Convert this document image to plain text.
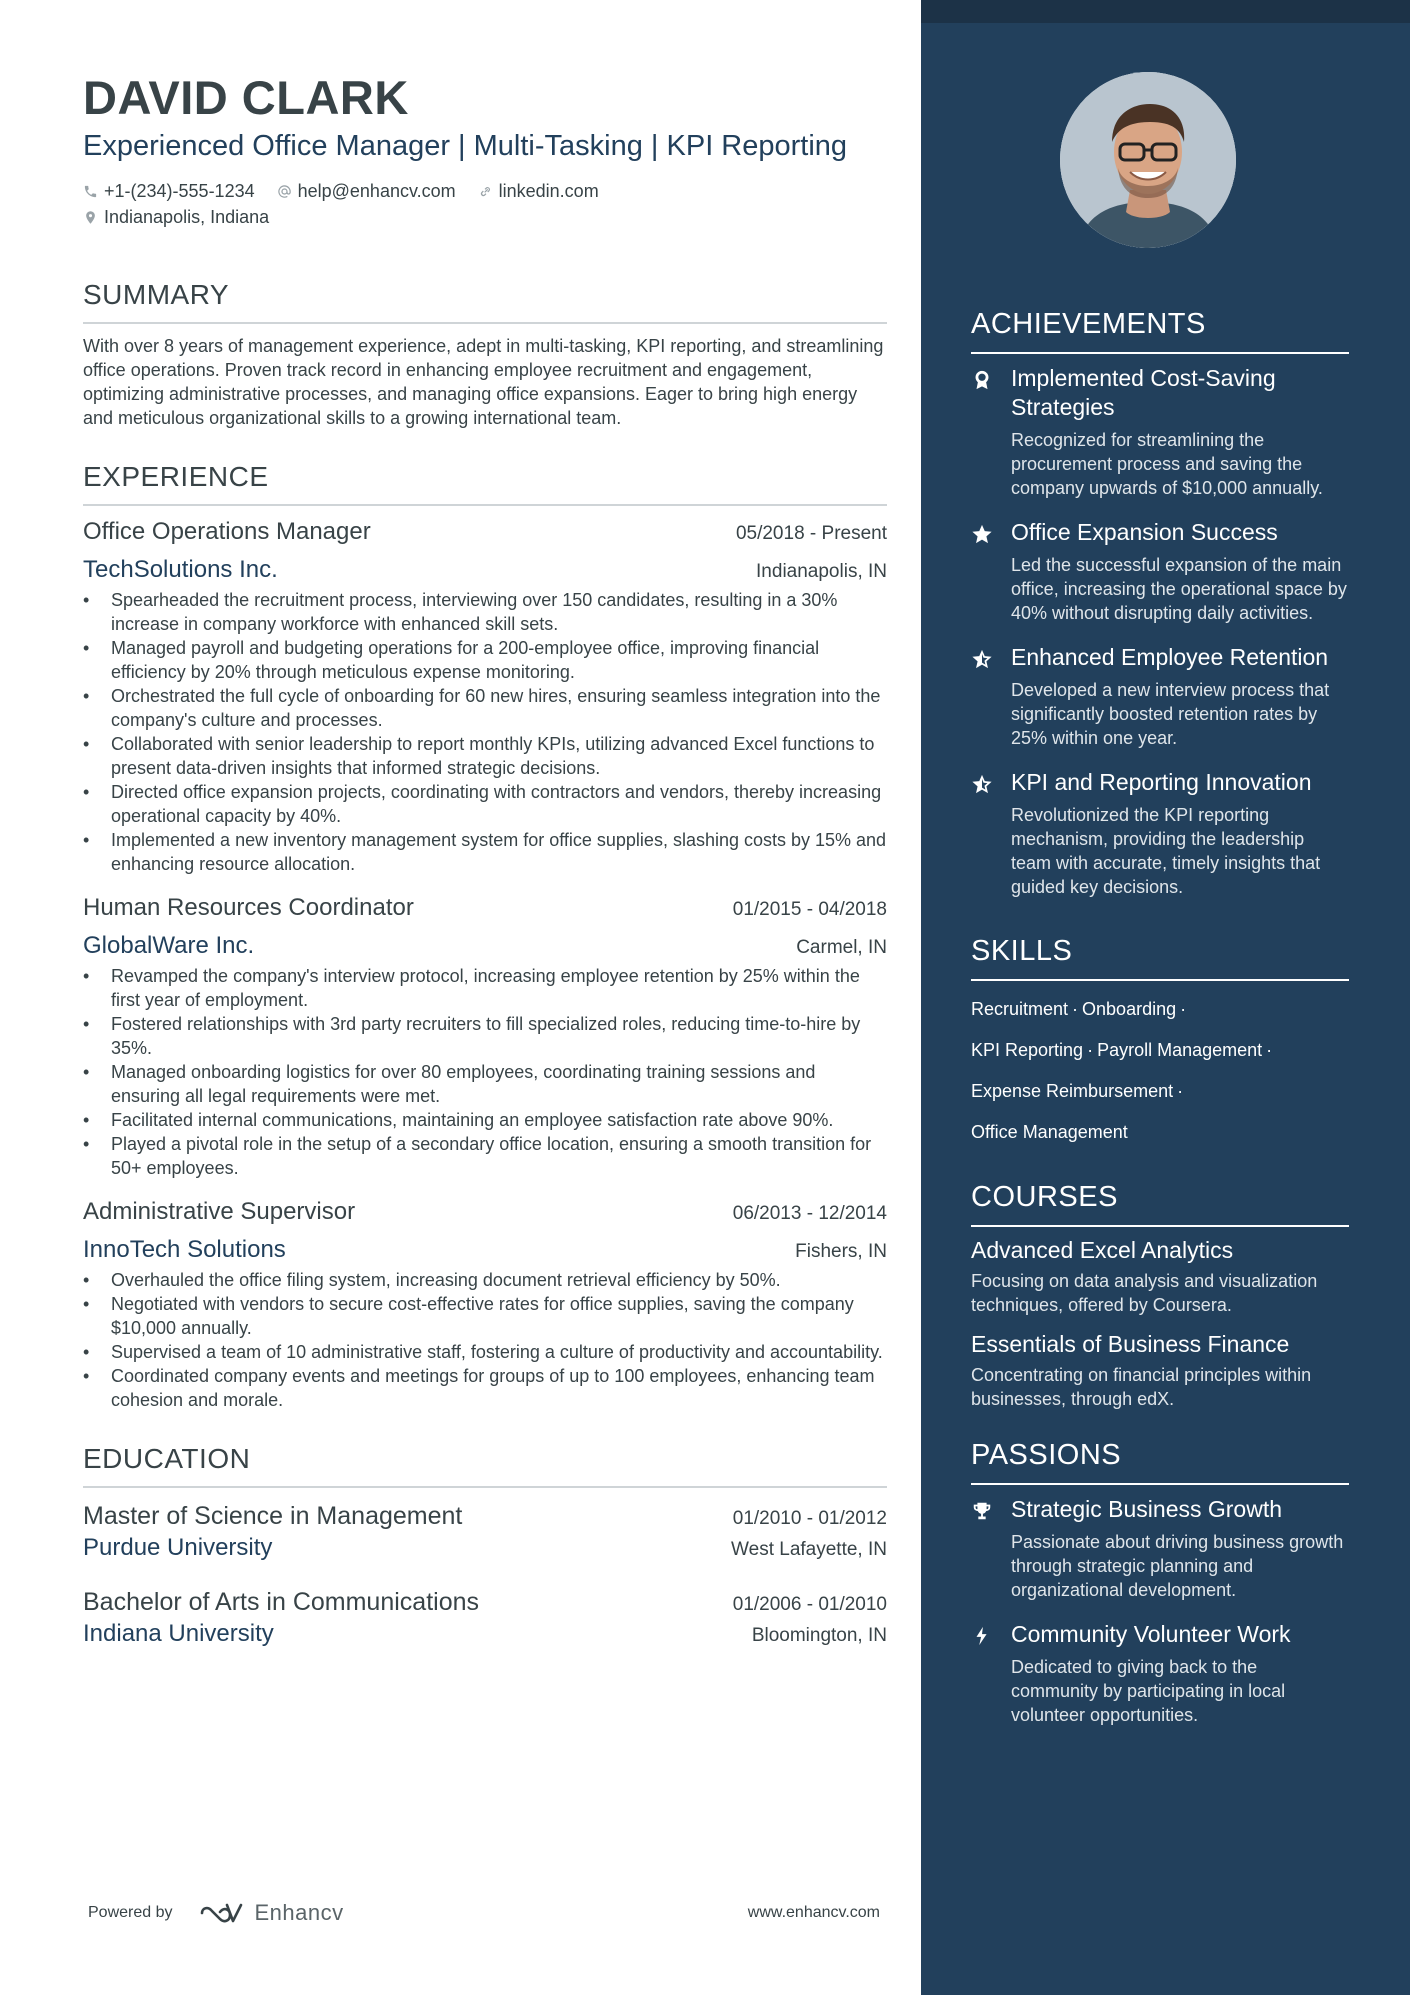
DAVID CLARK
Experienced Office Manager | Multi-Tasking | KPI Reporting
+1-(234)-555-1234 help@enhancv.com linkedin.com
Indianapolis, Indiana
SUMMARY
With over 8 years of management experience, adept in multi-tasking, KPI reporting, and streamlining office operations. Proven track record in enhancing employee recruitment and engagement, optimizing administrative processes, and managing office expansions. Eager to bring high energy and meticulous organizational skills to a growing international team.
EXPERIENCE
Office Operations Manager	05/2018 - Present
TechSolutions Inc.	Indianapolis, IN
• Spearheaded the recruitment process, interviewing over 150 candidates, resulting in a 30% increase in company workforce with enhanced skill sets.
• Managed payroll and budgeting operations for a 200-employee office, improving financial efficiency by 20% through meticulous expense monitoring.
• Orchestrated the full cycle of onboarding for 60 new hires, ensuring seamless integration into the company's culture and processes.
• Collaborated with senior leadership to report monthly KPIs, utilizing advanced Excel functions to present data-driven insights that informed strategic decisions.
• Directed office expansion projects, coordinating with contractors and vendors, thereby increasing operational capacity by 40%.
• Implemented a new inventory management system for office supplies, slashing costs by 15% and enhancing resource allocation.
Human Resources Coordinator	01/2015 - 04/2018
GlobalWare Inc.	Carmel, IN
• Revamped the company's interview protocol, increasing employee retention by 25% within the first year of employment.
• Fostered relationships with 3rd party recruiters to fill specialized roles, reducing time-to-hire by 35%.
• Managed onboarding logistics for over 80 employees, coordinating training sessions and ensuring all legal requirements were met.
• Facilitated internal communications, maintaining an employee satisfaction rate above 90%.
• Played a pivotal role in the setup of a secondary office location, ensuring a smooth transition for 50+ employees.
Administrative Supervisor	06/2013 - 12/2014
InnoTech Solutions	Fishers, IN
• Overhauled the office filing system, increasing document retrieval efficiency by 50%.
• Negotiated with vendors to secure cost-effective rates for office supplies, saving the company $10,000 annually.
• Supervised a team of 10 administrative staff, fostering a culture of productivity and accountability.
• Coordinated company events and meetings for groups of up to 100 employees, enhancing team cohesion and morale.
EDUCATION
Master of Science in Management	01/2010 - 01/2012
Purdue University	West Lafayette, IN
Bachelor of Arts in Communications	01/2006 - 01/2010
Indiana University	Bloomington, IN
Powered by	Enhancv	www.enhancv.com
ACHIEVEMENTS
Implemented Cost-Saving Strategies
Recognized for streamlining the procurement process and saving the company upwards of $10,000 annually.
Office Expansion Success
Led the successful expansion of the main office, increasing the operational space by 40% without disrupting daily activities.
Enhanced Employee Retention
Developed a new interview process that significantly boosted retention rates by 25% within one year.
KPI and Reporting Innovation
Revolutionized the KPI reporting mechanism, providing the leadership team with accurate, timely insights that guided key decisions.
SKILLS
Recruitment · Onboarding ·
KPI Reporting · Payroll Management ·
Expense Reimbursement ·
Office Management
COURSES
Advanced Excel Analytics
Focusing on data analysis and visualization techniques, offered by Coursera.
Essentials of Business Finance
Concentrating on financial principles within businesses, through edX.
PASSIONS
Strategic Business Growth
Passionate about driving business growth through strategic planning and organizational development.
Community Volunteer Work
Dedicated to giving back to the community by participating in local volunteer opportunities.
